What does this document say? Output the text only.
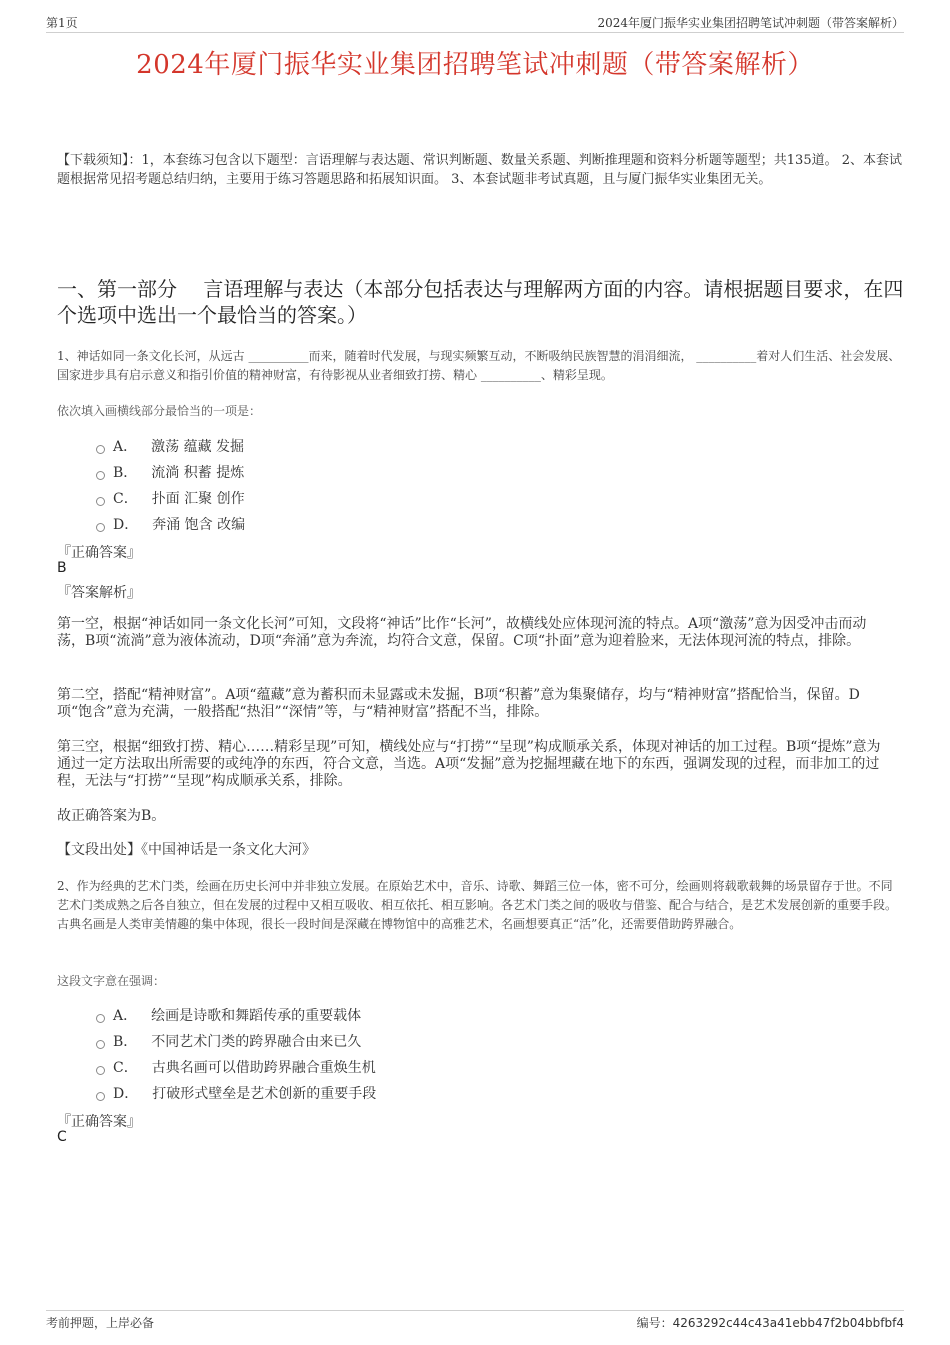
第1页	2024年厦门振华实业集团招聘笔试冲刺题（带答案解析）
2024年厦门振华实业集团招聘笔试冲刺题（带答案解析）

【下载须知】：1，本套练习包含以下题型：言语理解与表达题、常识判断题、数量关系题、判断推理题和资料分析题等题型；共135道。 2、本套试题根据常见招考题总结归纳，主要用于练习答题思路和拓展知识面。 3、本套试题非考试真题，且与厦门振华实业集团无关。

一、第一部分　 言语理解与表达（本部分包括表达与理解两方面的内容。请根据题目要求，在四个选项中选出一个最恰当的答案。）

1、神话如同一条文化长河，从远古 __________而来，随着时代发展，与现实频繁互动，不断吸纳民族智慧的涓涓细流， __________着对人们生活、社会发展、国家进步具有启示意义和指引价值的精神财富，有待影视从业者细致打捞、精心 __________、精彩呈现。

依次填入画横线部分最恰当的一项是：

A． 激荡 蕴藏 发掘
B． 流淌 积蓄 提炼
C． 扑面 汇聚 创作
D． 奔涌 饱含 改编

『正确答案』

B

『答案解析』

第一空，根据“神话如同一条文化长河”可知，文段将“神话”比作“长河”，故横线处应体现河流的特点。A项“激荡”意为因受冲击而动荡，B项“流淌”意为液体流动，D项“奔涌”意为奔流，均符合文意，保留。C项“扑面”意为迎着脸来，无法体现河流的特点，排除。

第二空，搭配“精神财富”。A项“蕴藏”意为蓄积而未显露或未发掘，B项“积蓄”意为集聚储存，均与“精神财富”搭配恰当，保留。D项“饱含”意为充满，一般搭配“热泪”“深情”等，与“精神财富”搭配不当，排除。

第三空，根据“细致打捞、精心……精彩呈现”可知，横线处应与“打捞”“呈现”构成顺承关系，体现对神话的加工过程。B项“提炼”意为通过一定方法取出所需要的或纯净的东西，符合文意，当选。A项“发掘”意为挖掘埋藏在地下的东西，强调发现的过程，而非加工的过程，无法与“打捞”“呈现”构成顺承关系，排除。

故正确答案为B。

【文段出处】《中国神话是一条文化大河》

2、作为经典的艺术门类，绘画在历史长河中并非独立发展。在原始艺术中，音乐、诗歌、舞蹈三位一体，密不可分，绘画则将载歌载舞的场景留存于世。不同艺术门类成熟之后各自独立，但在发展的过程中又相互吸收、相互依托、相互影响。各艺术门类之间的吸收与借鉴、配合与结合，是艺术发展创新的重要手段。古典名画是人类审美情趣的集中体现，很长一段时间是深藏在博物馆中的高雅艺术，名画想要真正“活”化，还需要借助跨界融合。

这段文字意在强调：

A． 绘画是诗歌和舞蹈传承的重要载体
B． 不同艺术门类的跨界融合由来已久
C． 古典名画可以借助跨界融合重焕生机
D． 打破形式壁垒是艺术创新的重要手段

『正确答案』

C

考前押题，上岸必备	编号：4263292c44c43a41ebb47f2b04bbfbf4
